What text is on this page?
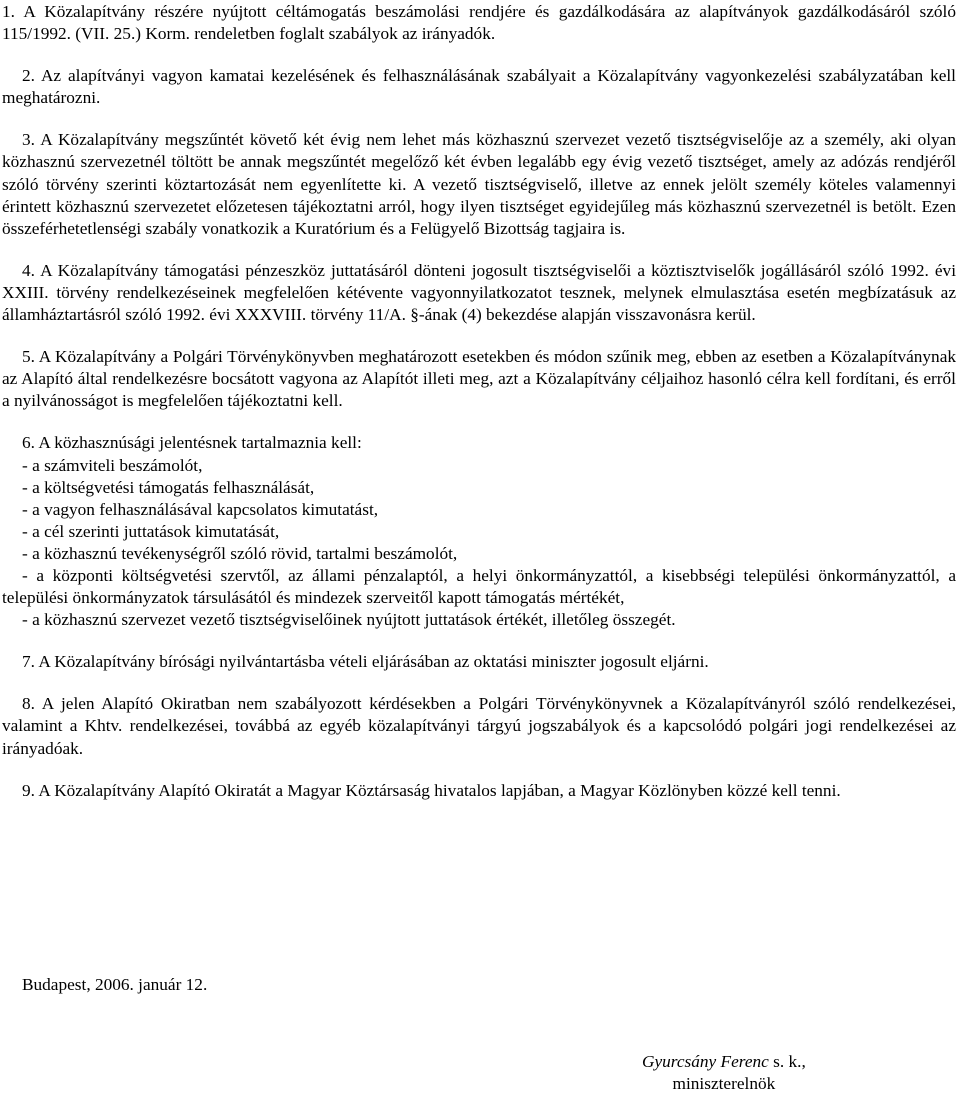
1. A Közalapítvány részére nyújtott céltámogatás beszámolási rendjére és gazdálkodására az alapítványok gazdálkodásáról szóló 115/1992. (VII. 25.) Korm. rendeletben foglalt szabályok az irányadók.

2. Az alapítványi vagyon kamatai kezelésének és felhasználásának szabályait a Közalapítvány vagyonkezelési szabályzatában kell meghatározni.

3. A Közalapítvány megszűntét követő két évig nem lehet más közhasznú szervezet vezető tisztségviselője az a személy, aki olyan közhasznú szervezetnél töltött be annak megszűntét megelőző két évben legalább egy évig vezető tisztséget, amely az adózás rendjéről szóló törvény szerinti köztartozását nem egyenlítette ki. A vezető tisztségviselő, illetve az ennek jelölt személy köteles valamennyi érintett közhasznú szervezetet előzetesen tájékoztatni arról, hogy ilyen tisztséget egyidejűleg más közhasznú szervezetnél is betölt. Ezen összeférhetetlenségi szabály vonatkozik a Kuratórium és a Felügyelő Bizottság tagjaira is.

4. A Közalapítvány támogatási pénzeszköz juttatásáról dönteni jogosult tisztségviselői a köztisztviselők jogállásáról szóló 1992. évi XXIII. törvény rendelkezéseinek megfelelően kétévente vagyonnyilatkozatot tesznek, melynek elmulasztása esetén megbízatásuk az államháztartásról szóló 1992. évi XXXVIII. törvény 11/A. §-ának (4) bekezdése alapján visszavonásra kerül.

5. A Közalapítvány a Polgári Törvénykönyvben meghatározott esetekben és módon szűnik meg, ebben az esetben a Közalapítványnak az Alapító által rendelkezésre bocsátott vagyona az Alapítót illeti meg, azt a Közalapítvány céljaihoz hasonló célra kell fordítani, és erről a nyilvánosságot is megfelelően tájékoztatni kell.

6. A közhasznúsági jelentésnek tartalmaznia kell:

- a számviteli beszámolót,

- a költségvetési támogatás felhasználását,

- a vagyon felhasználásával kapcsolatos kimutatást,

- a cél szerinti juttatások kimutatását,

- a közhasznú tevékenységről szóló rövid, tartalmi beszámolót,

- a központi költségvetési szervtől, az állami pénzalaptól, a helyi önkormányzattól, a kisebbségi települési önkormányzattól, a települési önkormányzatok társulásától és mindezek szerveitől kapott támogatás mértékét,

- a közhasznú szervezet vezető tisztségviselőinek nyújtott juttatások értékét, illetőleg összegét.

7. A Közalapítvány bírósági nyilvántartásba vételi eljárásában az oktatási miniszter jogosult eljárni.

8. A jelen Alapító Okiratban nem szabályozott kérdésekben a Polgári Törvénykönyvnek a Közalapítványról szóló rendelkezései, valamint a Khtv. rendelkezései, továbbá az egyéb közalapítványi tárgyú jogszabályok és a kapcsolódó polgári jogi rendelkezései az irányadóak.

9. A Közalapítvány Alapító Okiratát a Magyar Köztársaság hivatalos lapjában, a Magyar Közlönyben közzé kell tenni.

Budapest, 2006. január 12.
Gyurcsány Ferenc s. k.,
miniszterelnök
